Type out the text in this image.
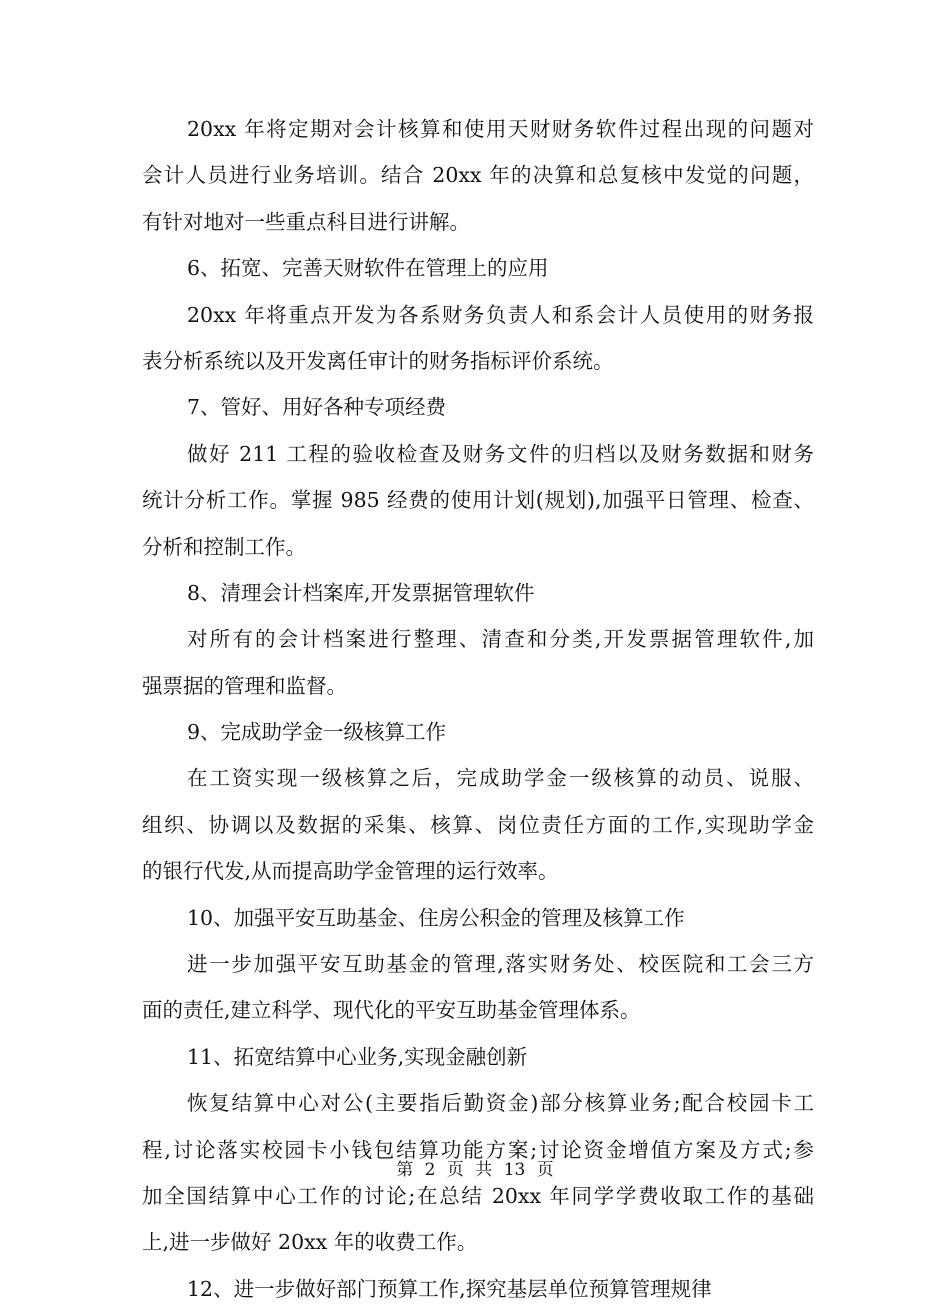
20xx 年将定期对会计核算和使用天财财务软件过程出现的问题对
会计人员进行业务培训。结合 20xx 年的决算和总复核中发觉的问题，
有针对地对一些重点科目进行讲解。
6、拓宽、完善天财软件在管理上的应用
20xx 年将重点开发为各系财务负责人和系会计人员使用的财务报
表分析系统以及开发离任审计的财务指标评价系统。
7、管好、用好各种专项经费
做好 211 工程的验收检查及财务文件的归档以及财务数据和财务
统计分析工作。掌握 985 经费的使用计划(规划),加强平日管理、检查、
分析和控制工作。
8、清理会计档案库,开发票据管理软件
对所有的会计档案进行整理、清查和分类,开发票据管理软件,加
强票据的管理和监督。
9、完成助学金一级核算工作
在工资实现一级核算之后，完成助学金一级核算的动员、说服、
组织、协调以及数据的采集、核算、岗位责任方面的工作,实现助学金
的银行代发,从而提高助学金管理的运行效率。
10、加强平安互助基金、住房公积金的管理及核算工作
进一步加强平安互助基金的管理,落实财务处、校医院和工会三方
面的责任,建立科学、现代化的平安互助基金管理体系。
11、拓宽结算中心业务,实现金融创新
恢复结算中心对公(主要指后勤资金)部分核算业务;配合校园卡工
程,讨论落实校园卡小钱包结算功能方案;讨论资金增值方案及方式;参
加全国结算中心工作的讨论;在总结 20xx 年同学学费收取工作的基础
上,进一步做好 20xx 年的收费工作。
12、进一步做好部门预算工作,探究基层单位预算管理规律
第 2 页 共 13 页
